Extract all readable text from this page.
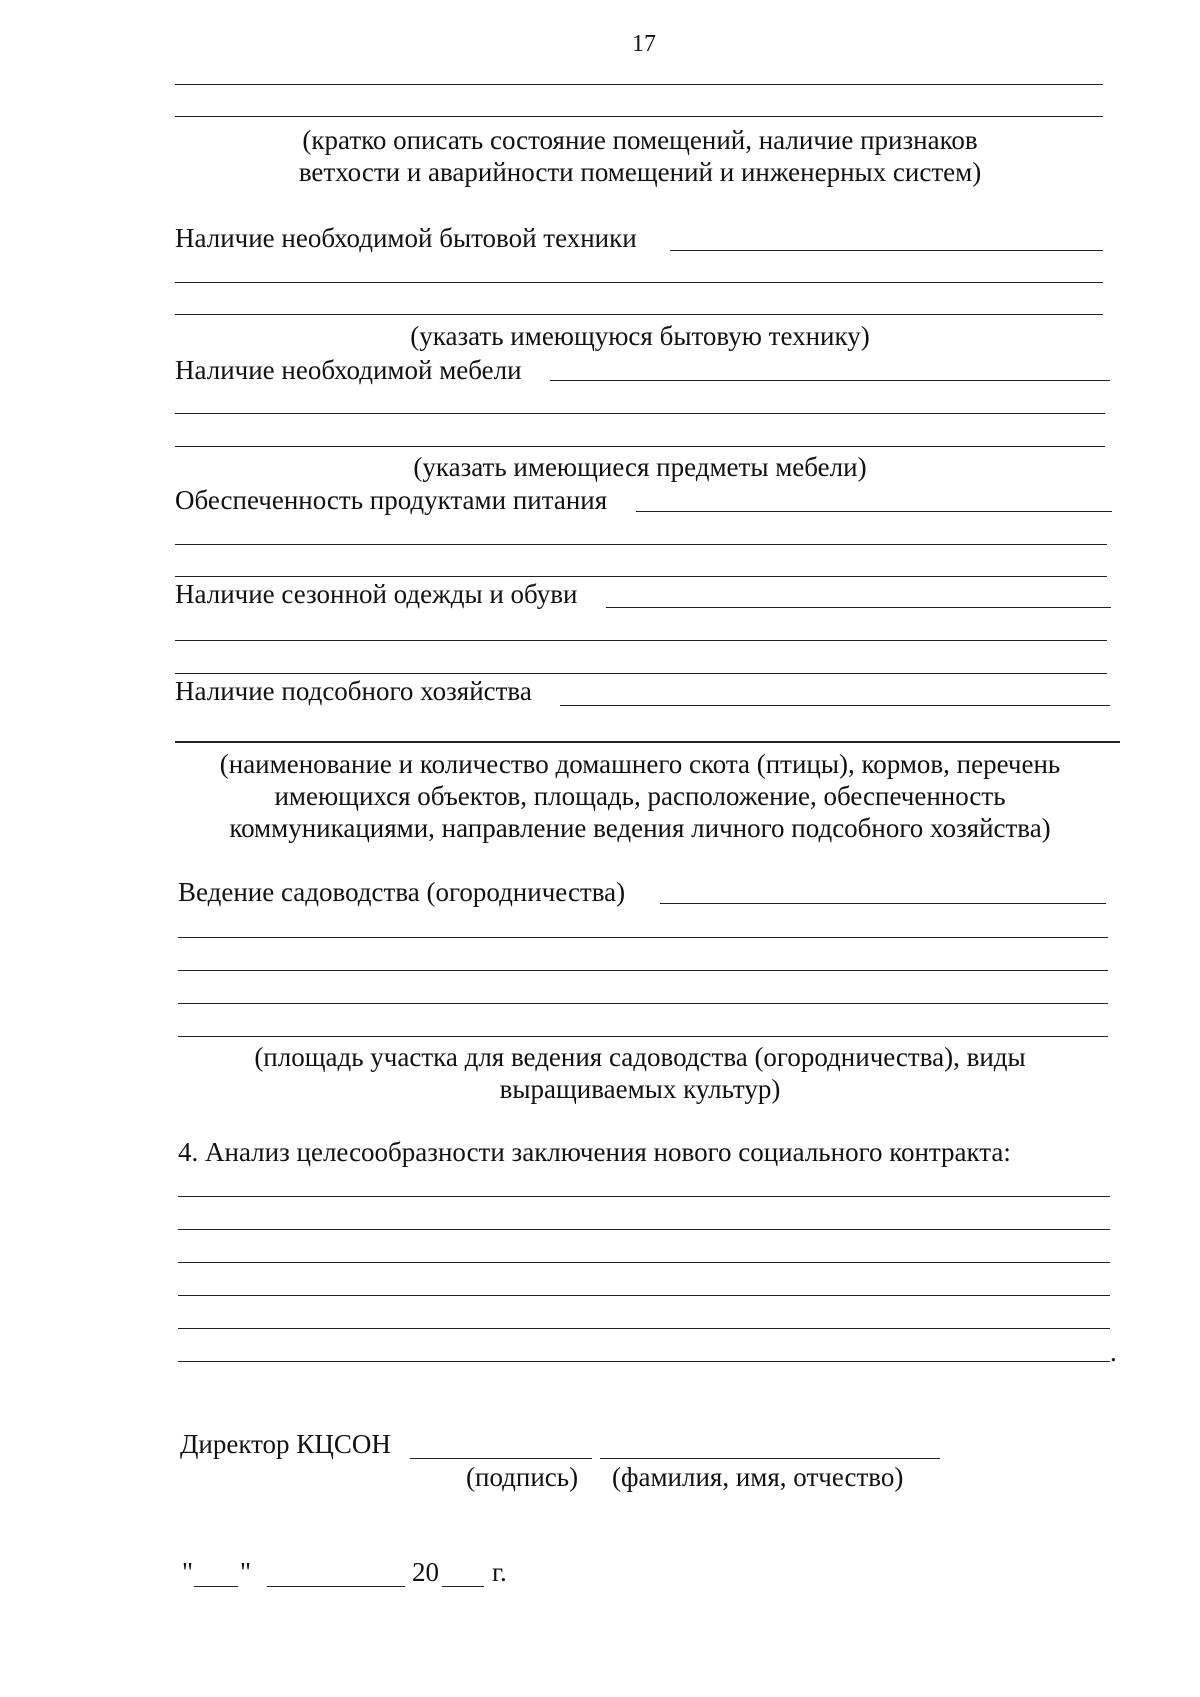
17
(кратко описать состояние помещений, наличие признаков
ветхости и аварийности помещений и инженерных систем)
Наличие необходимой бытовой техники
(указать имеющуюся бытовую технику)
Наличие необходимой мебели
(указать имеющиеся предметы мебели)
Обеспеченность продуктами питания
Наличие сезонной одежды и обуви
Наличие подсобного хозяйства
(наименование и количество домашнего скота (птицы), кормов, перечень
имеющихся объектов, площадь, расположение, обеспеченность
коммуникациями, направление ведения личного подсобного хозяйства)
Ведение садоводства (огородничества)
(площадь участка для ведения садоводства (огородничества), виды
выращиваемых культур)
4. Анализ целесообразности заключения нового социального контракта:
.
Директор КЦСОН
(подпись) (фамилия, имя, отчество)
" "	20 г.
